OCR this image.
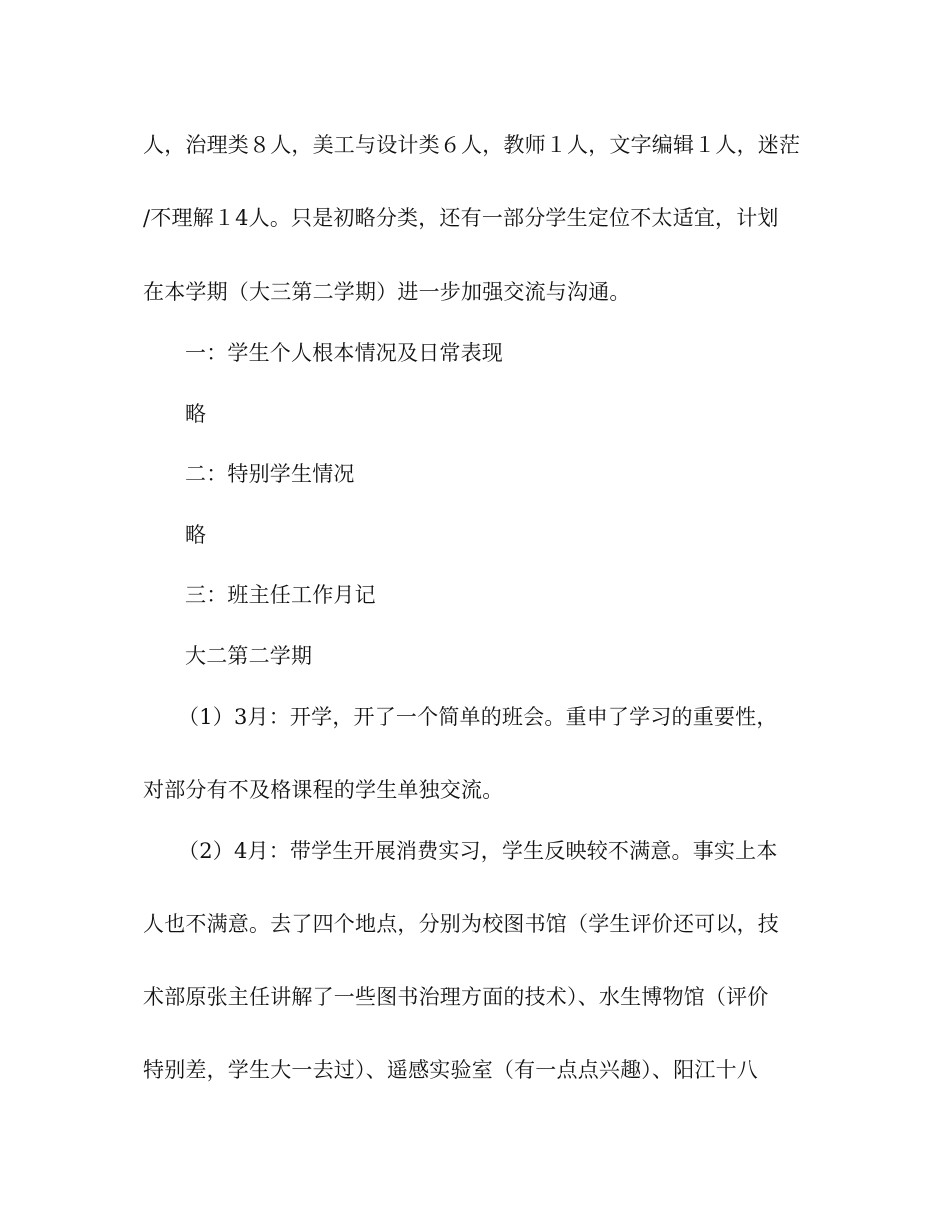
人，治理类８人，美工与设计类６人，教师１人，文字编辑１人，迷茫
/不理解１4人。只是初略分类，还有一部分学生定位不太适宜，计划
在本学期（大三第二学期）进一步加强交流与沟通。
一：学生个人根本情况及日常表现
略
二：特别学生情况
略
三：班主任工作月记
大二第二学期
（1）3月：开学，开了一个简单的班会。重申了学习的重要性，
对部分有不及格课程的学生单独交流。
（2）4月：带学生开展消费实习，学生反映较不满意。事实上本
人也不满意。去了四个地点，分别为校图书馆（学生评价还可以，技
术部原张主任讲解了一些图书治理方面的技术）、水生博物馆（评价
特别差，学生大一去过）、遥感实验室（有一点点兴趣）、阳江十八
